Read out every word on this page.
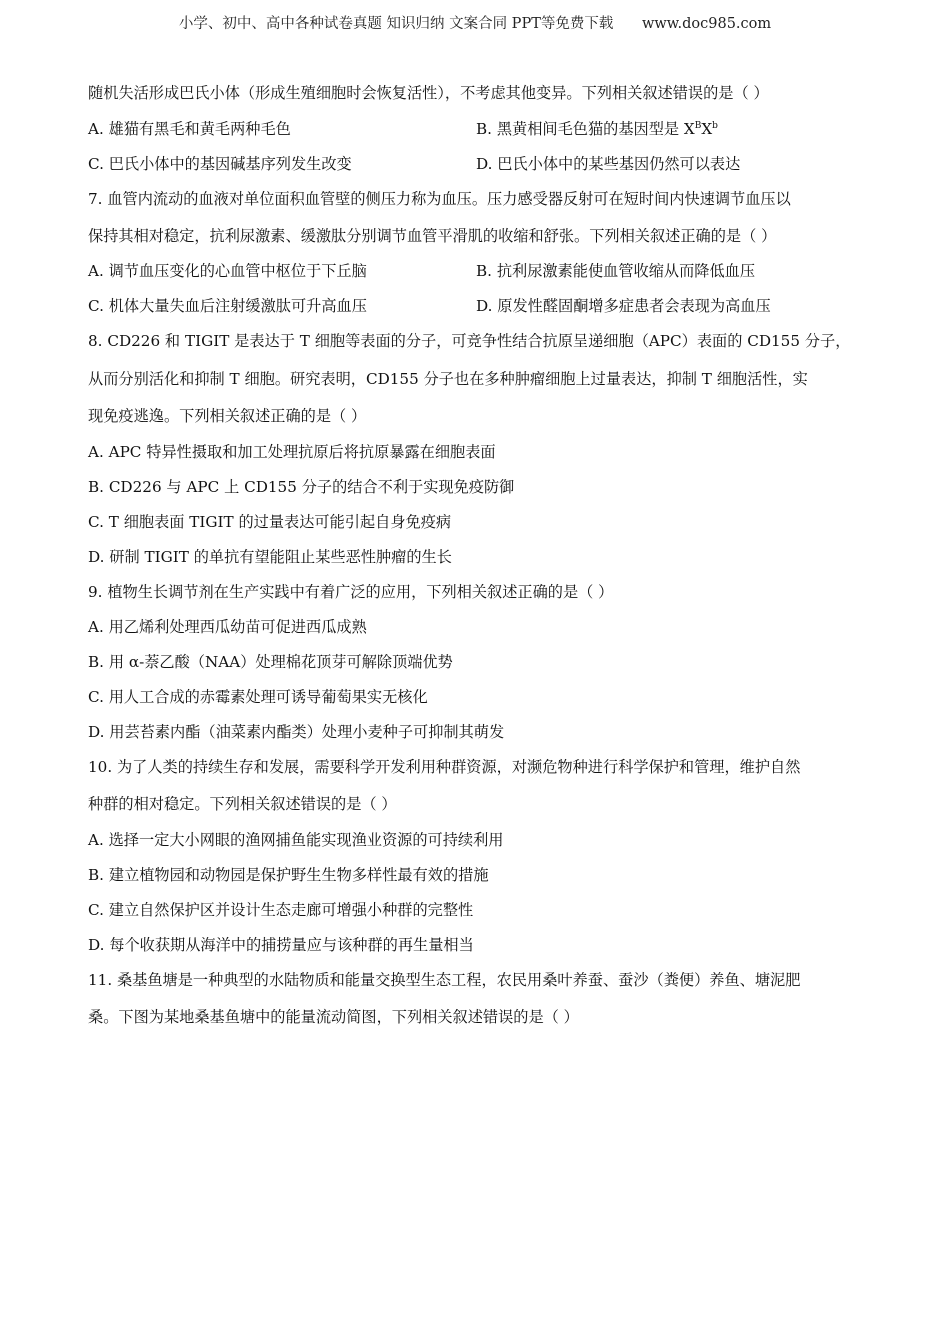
小学、初中、高中各种试卷真题 知识归纳 文案合同 PPT等免费下载 www.doc985.com
随机失活形成巴氏小体（形成生殖细胞时会恢复活性），不考虑其他变异。下列相关叙述错误的是（ ）
A. 雄猫有黑毛和黄毛两种毛色	B. 黑黄相间毛色猫的基因型是 $X^BX^b$
C. 巴氏小体中的基因碱基序列发生改变	D. 巴氏小体中的某些基因仍然可以表达
7. 血管内流动的血液对单位面积血管壁的侧压力称为血压。压力感受器反射可在短时间内快速调节血压以
保持其相对稳定，抗利尿激素、缓激肽分别调节血管平滑肌的收缩和舒张。下列相关叙述正确的是（ ）
A. 调节血压变化的心血管中枢位于下丘脑	B. 抗利尿激素能使血管收缩从而降低血压
C. 机体大量失血后注射缓激肽可升高血压	D. 原发性醛固酮增多症患者会表现为高血压
8. CD226 和 TIGIT 是表达于 T 细胞等表面的分子，可竞争性结合抗原呈递细胞（APC）表面的 CD155 分子，
从而分别活化和抑制 T 细胞。研究表明，CD155 分子也在多种肿瘤细胞上过量表达，抑制 T 细胞活性，实
现免疫逃逸。下列相关叙述正确的是（ ）
A. APC 特异性摄取和加工处理抗原后将抗原暴露在细胞表面
B. CD226 与 APC 上 CD155 分子的结合不利于实现免疫防御
C. T 细胞表面 TIGIT 的过量表达可能引起自身免疫病
D. 研制 TIGIT 的单抗有望能阻止某些恶性肿瘤的生长
9. 植物生长调节剂在生产实践中有着广泛的应用，下列相关叙述正确的是（ ）
A. 用乙烯利处理西瓜幼苗可促进西瓜成熟
B. 用 α-萘乙酸（NAA）处理棉花顶芽可解除顶端优势
C. 用人工合成的赤霉素处理可诱导葡萄果实无核化
D. 用芸苔素内酯（油菜素内酯类）处理小麦种子可抑制其萌发
10. 为了人类的持续生存和发展，需要科学开发利用种群资源，对濒危物种进行科学保护和管理，维护自然
种群的相对稳定。下列相关叙述错误的是（ ）
A. 选择一定大小网眼的渔网捕鱼能实现渔业资源的可持续利用
B. 建立植物园和动物园是保护野生生物多样性最有效的措施
C. 建立自然保护区并设计生态走廊可增强小种群的完整性
D. 每个收获期从海洋中的捕捞量应与该种群的再生量相当
11. 桑基鱼塘是一种典型的水陆物质和能量交换型生态工程，农民用桑叶养蚕、蚕沙（粪便）养鱼、塘泥肥
桑。下图为某地桑基鱼塘中的能量流动简图，下列相关叙述错误的是（ ）
